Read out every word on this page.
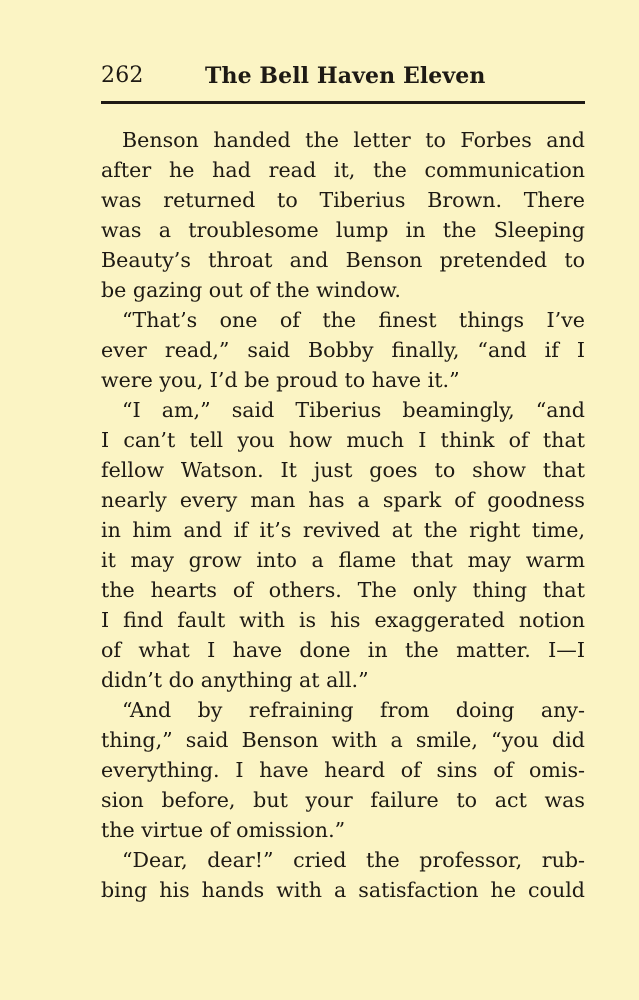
262	The Bell Haven Eleven
Benson handed the letter to Forbes and
after he had read it, the communication
was returned to Tiberius Brown. There
was a troublesome lump in the Sleeping
Beauty’s throat and Benson pretended to
be gazing out of the window.
“That’s one of the finest things I’ve
ever read,” said Bobby finally, “and if I
were you, I’d be proud to have it.”
“I am,” said Tiberius beamingly, “and
I can’t tell you how much I think of that
fellow Watson. It just goes to show that
nearly every man has a spark of goodness
in him and if it’s revived at the right time,
it may grow into a flame that may warm
the hearts of others. The only thing that
I find fault with is his exaggerated notion
of what I have done in the matter. I—I
didn’t do anything at all.”
“And by refraining from doing any-
thing,” said Benson with a smile, “you did
everything. I have heard of sins of omis-
sion before, but your failure to act was
the virtue of omission.”
“Dear, dear!” cried the professor, rub-
bing his hands with a satisfaction he could
